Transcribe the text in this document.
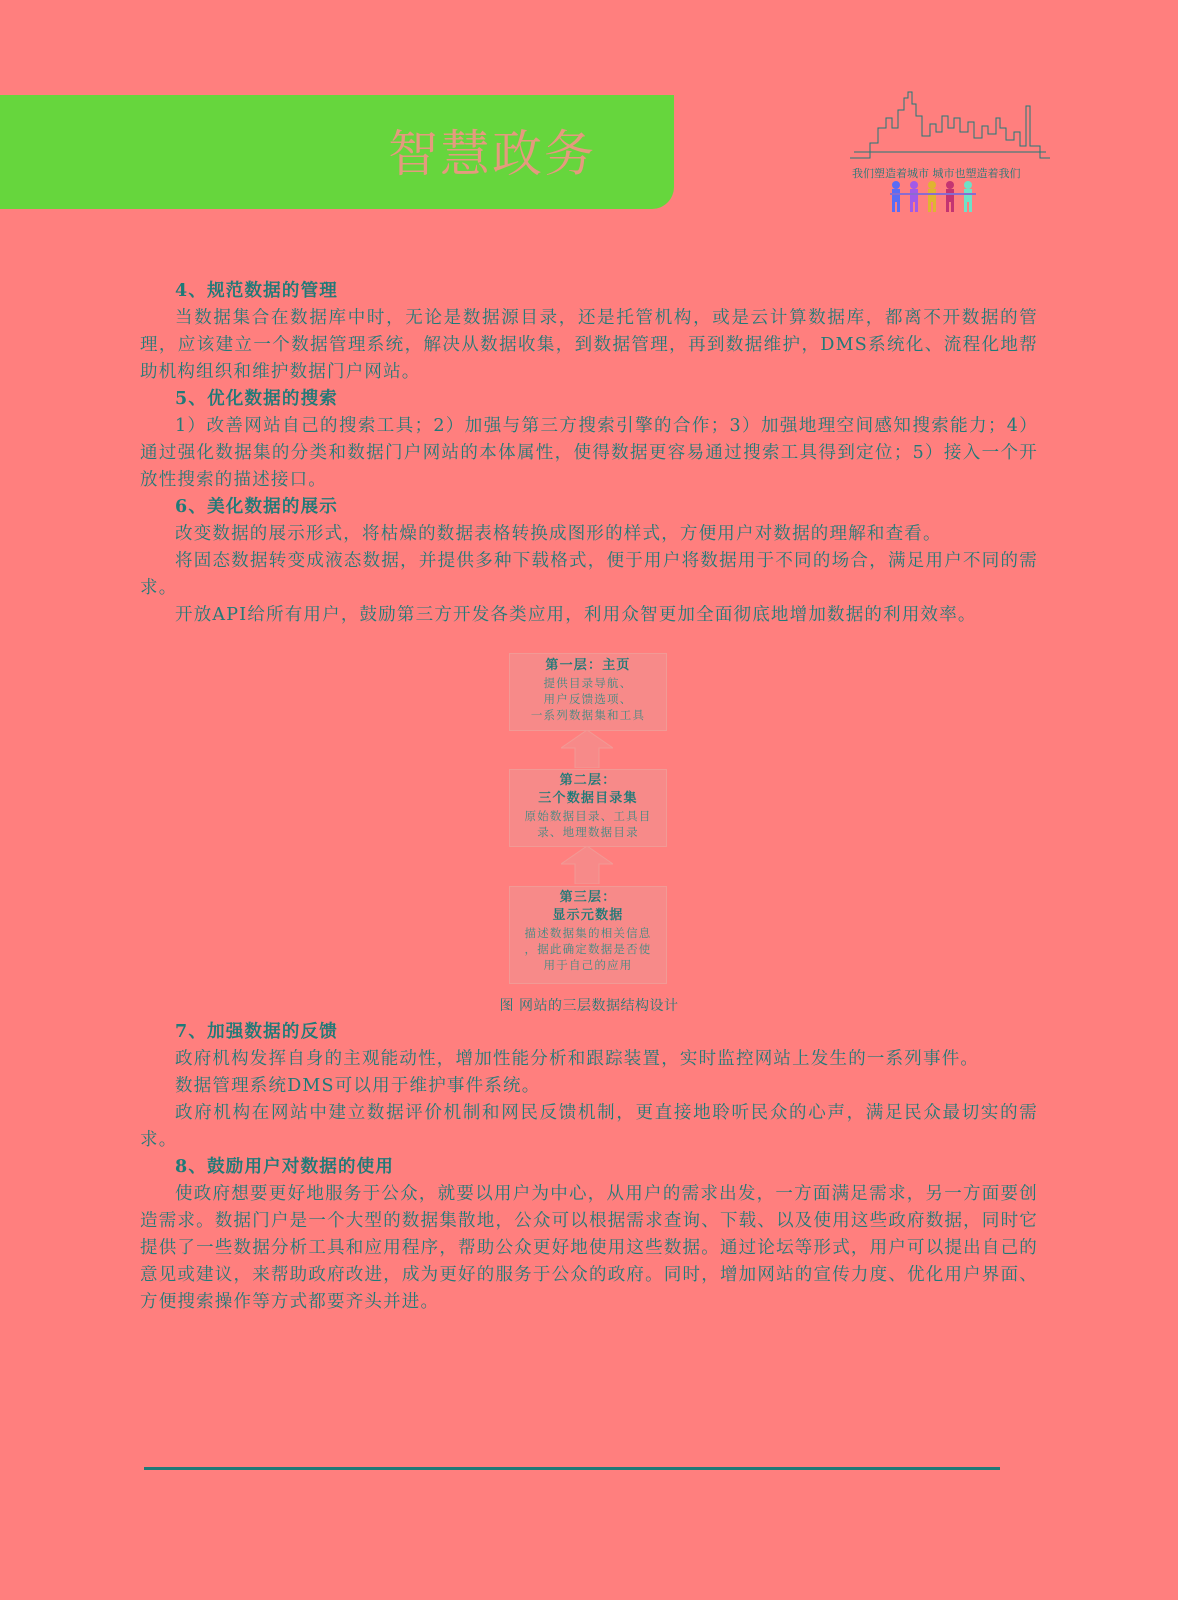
智慧政务	我们塑造着城市 城市也塑造着我们

4、规范数据的管理

当数据集合在数据库中时，无论是数据源目录，还是托管机构，或是云计算数据库，都离不开数据的管理，应该建立一个数据管理系统，解决从数据收集，到数据管理，再到数据维护，DMS系统化、流程化地帮助机构组织和维护数据门户网站。

5、优化数据的搜索

1）改善网站自己的搜索工具；2）加强与第三方搜索引擎的合作；3）加强地理空间感知搜索能力；4）通过强化数据集的分类和数据门户网站的本体属性，使得数据更容易通过搜索工具得到定位；5）接入一个开放性搜索的描述接口。

6、美化数据的展示

改变数据的展示形式，将枯燥的数据表格转换成图形的样式，方便用户对数据的理解和查看。

将固态数据转变成液态数据，并提供多种下载格式，便于用户将数据用于不同的场合，满足用户不同的需求。

开放API给所有用户，鼓励第三方开发各类应用，利用众智更加全面彻底地增加数据的利用效率。

第一层：主页
提供目录导航、
用户反馈选项、
一系列数据集和工具
第二层：
三个数据目录集
原始数据目录、工具目
录、地理数据目录
第三层：
显示元数据
描述数据集的相关信息
，据此确定数据是否使
用于自己的应用
图 网站的三层数据结构设计

7、加强数据的反馈

政府机构发挥自身的主观能动性，增加性能分析和跟踪装置，实时监控网站上发生的一系列事件。

数据管理系统DMS可以用于维护事件系统。

政府机构在网站中建立数据评价机制和网民反馈机制，更直接地聆听民众的心声，满足民众最切实的需求。

8、鼓励用户对数据的使用

使政府想要更好地服务于公众，就要以用户为中心，从用户的需求出发，一方面满足需求，另一方面要创造需求。数据门户是一个大型的数据集散地，公众可以根据需求查询、下载、以及使用这些政府数据，同时它提供了一些数据分析工具和应用程序，帮助公众更好地使用这些数据。通过论坛等形式，用户可以提出自己的意见或建议，来帮助政府改进，成为更好的服务于公众的政府。同时，增加网站的宣传力度、优化用户界面、方便搜索操作等方式都要齐头并进。
